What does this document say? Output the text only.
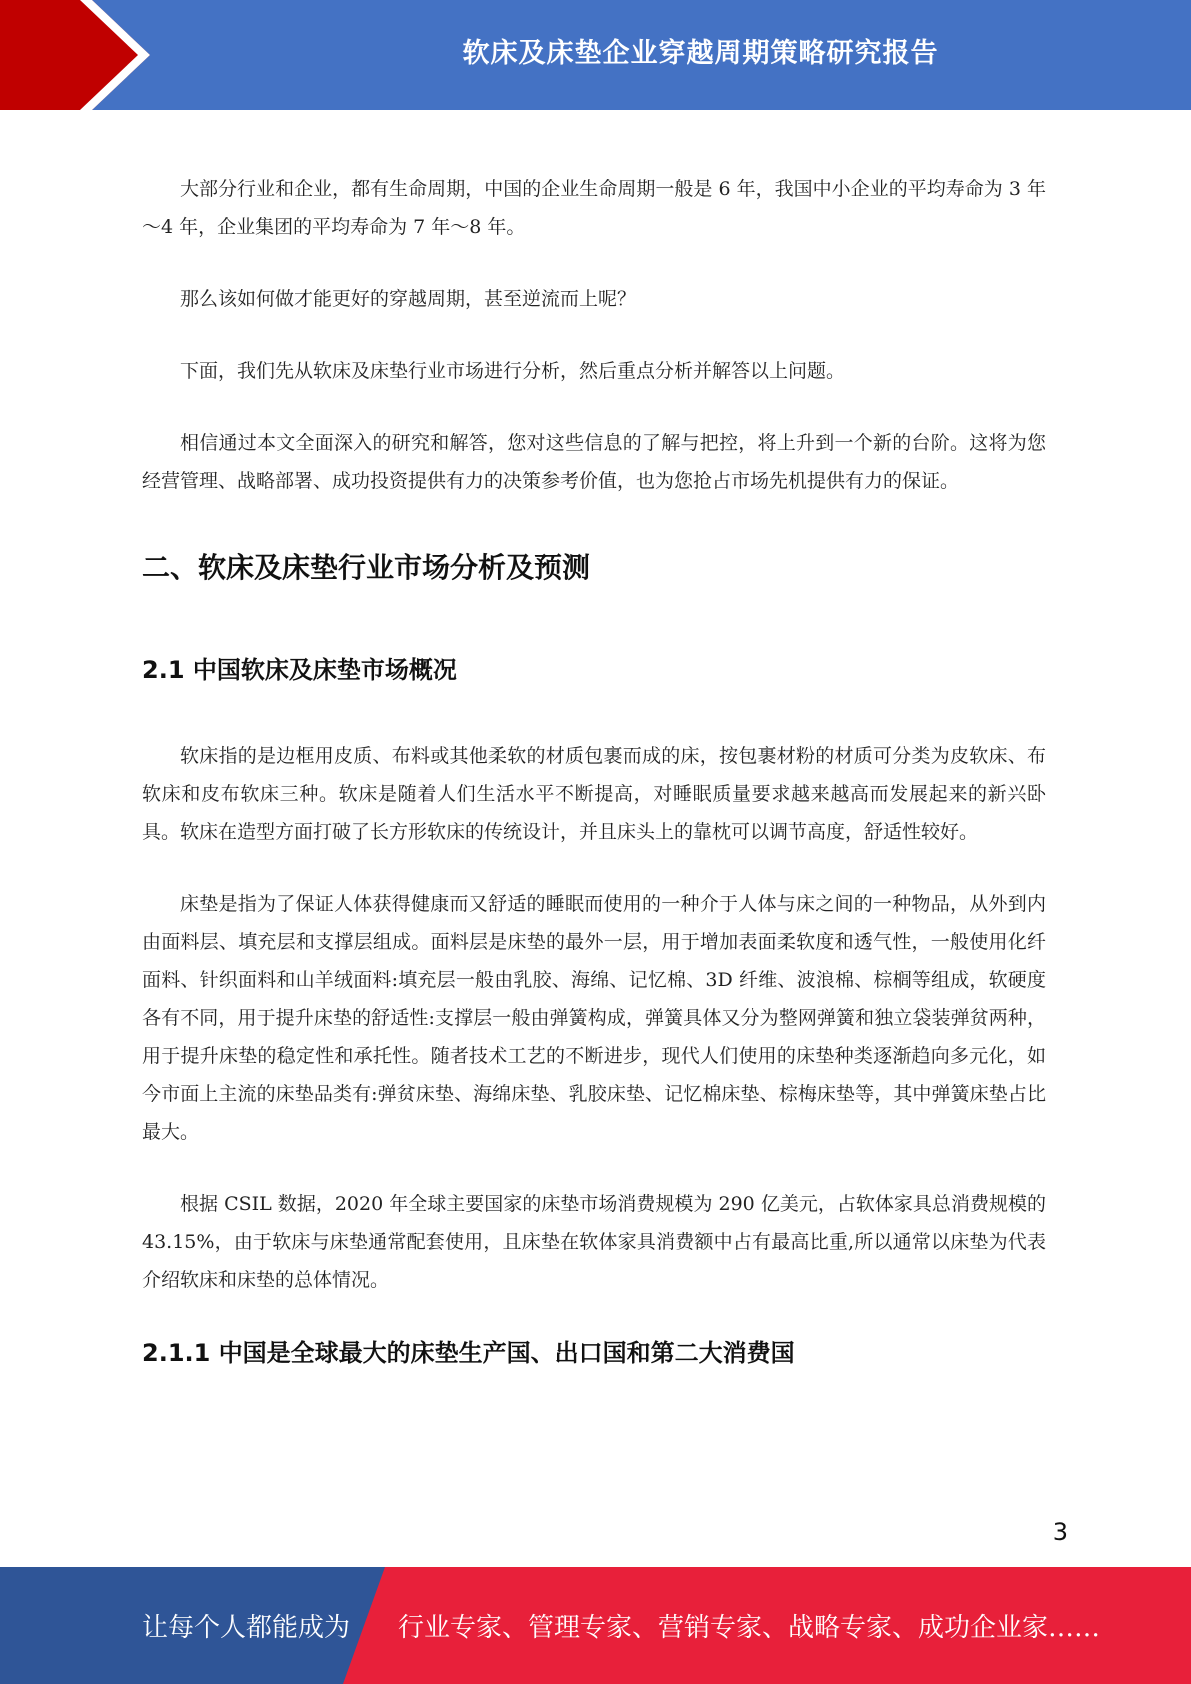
软床及床垫企业穿越周期策略研究报告

大部分行业和企业，都有生命周期，中国的企业生命周期一般是 6 年，我国中小企业的平均寿命为 3 年～4 年，企业集团的平均寿命为 7 年～8 年。

那么该如何做才能更好的穿越周期，甚至逆流而上呢？

下面，我们先从软床及床垫行业市场进行分析，然后重点分析并解答以上问题。

相信通过本文全面深入的研究和解答，您对这些信息的了解与把控，将上升到一个新的台阶。这将为您经营管理、战略部署、成功投资提供有力的决策参考价值，也为您抢占市场先机提供有力的保证。

二、软床及床垫行业市场分析及预测
2.1 中国软床及床垫市场概况

软床指的是边框用皮质、布料或其他柔软的材质包裹而成的床，按包裹材粉的材质可分类为皮软床、布软床和皮布软床三种。软床是随着人们生活水平不断提高，对睡眠质量要求越来越高而发展起来的新兴卧具。软床在造型方面打破了长方形软床的传统设计，并且床头上的靠枕可以调节高度，舒适性较好。

床垫是指为了保证人体获得健康而又舒适的睡眠而使用的一种介于人体与床之间的一种物品，从外到内由面料层、填充层和支撑层组成。面料层是床垫的最外一层，用于增加表面柔软度和透气性，一般使用化纤面料、针织面料和山羊绒面料:填充层一般由乳胶、海绵、记忆棉、3D 纤维、波浪棉、棕榈等组成，软硬度各有不同，用于提升床垫的舒适性:支撑层一般由弹簧构成，弹簧具体又分为整网弹簧和独立袋装弹贫两种，用于提升床垫的稳定性和承托性。随者技术工艺的不断进步，现代人们使用的床垫种类逐渐趋向多元化，如今市面上主流的床垫品类有:弹贫床垫、海绵床垫、乳胶床垫、记忆棉床垫、棕梅床垫等，其中弹簧床垫占比最大。

根据 CSIL 数据，2020 年全球主要国家的床垫市场消费规模为 290 亿美元，占软体家具总消费规模的 43.15%，由于软床与床垫通常配套使用，且床垫在软体家具消费额中占有最高比重,所以通常以床垫为代表介绍软床和床垫的总体情况。

2.1.1 中国是全球最大的床垫生产国、出口国和第二大消费国
3
让每个人都能成为 行业专家、管理专家、营销专家、战略专家、成功企业家……
